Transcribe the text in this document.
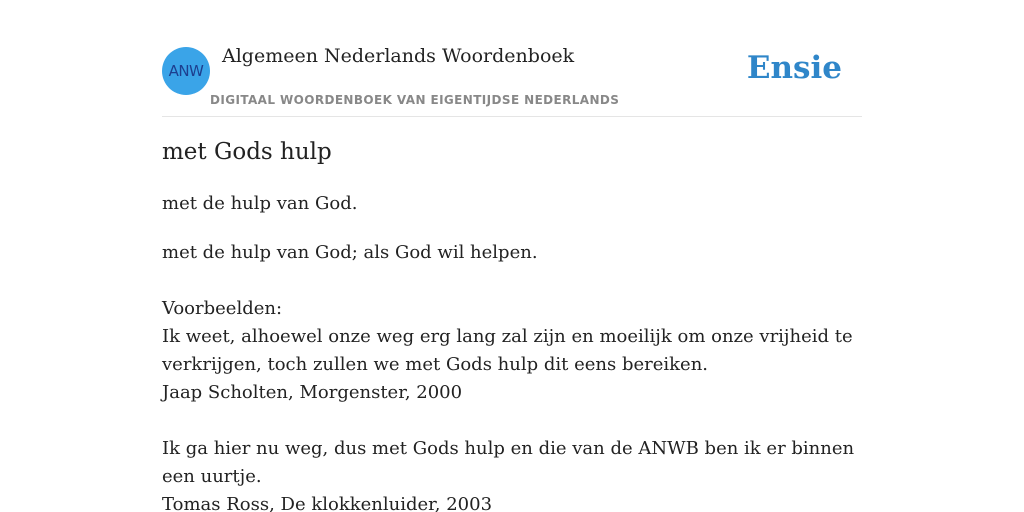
ANW
Algemeen Nederlands Woordenboek
DIGITAAL WOORDENBOEK VAN EIGENTIJDSE NEDERLANDS
Ensie
met Gods hulp

met de hulp van God.

met de hulp van God; als God wil helpen.

Voorbeelden:

Ik weet, alhoewel onze weg erg lang zal zijn en moeilijk om onze vrijheid te verkrijgen, toch zullen we met Gods hulp dit eens bereiken.

Jaap Scholten, Morgenster, 2000

Ik ga hier nu weg, dus met Gods hulp en die van de ANWB ben ik er binnen een uurtje.

Tomas Ross, De klokkenluider, 2003
